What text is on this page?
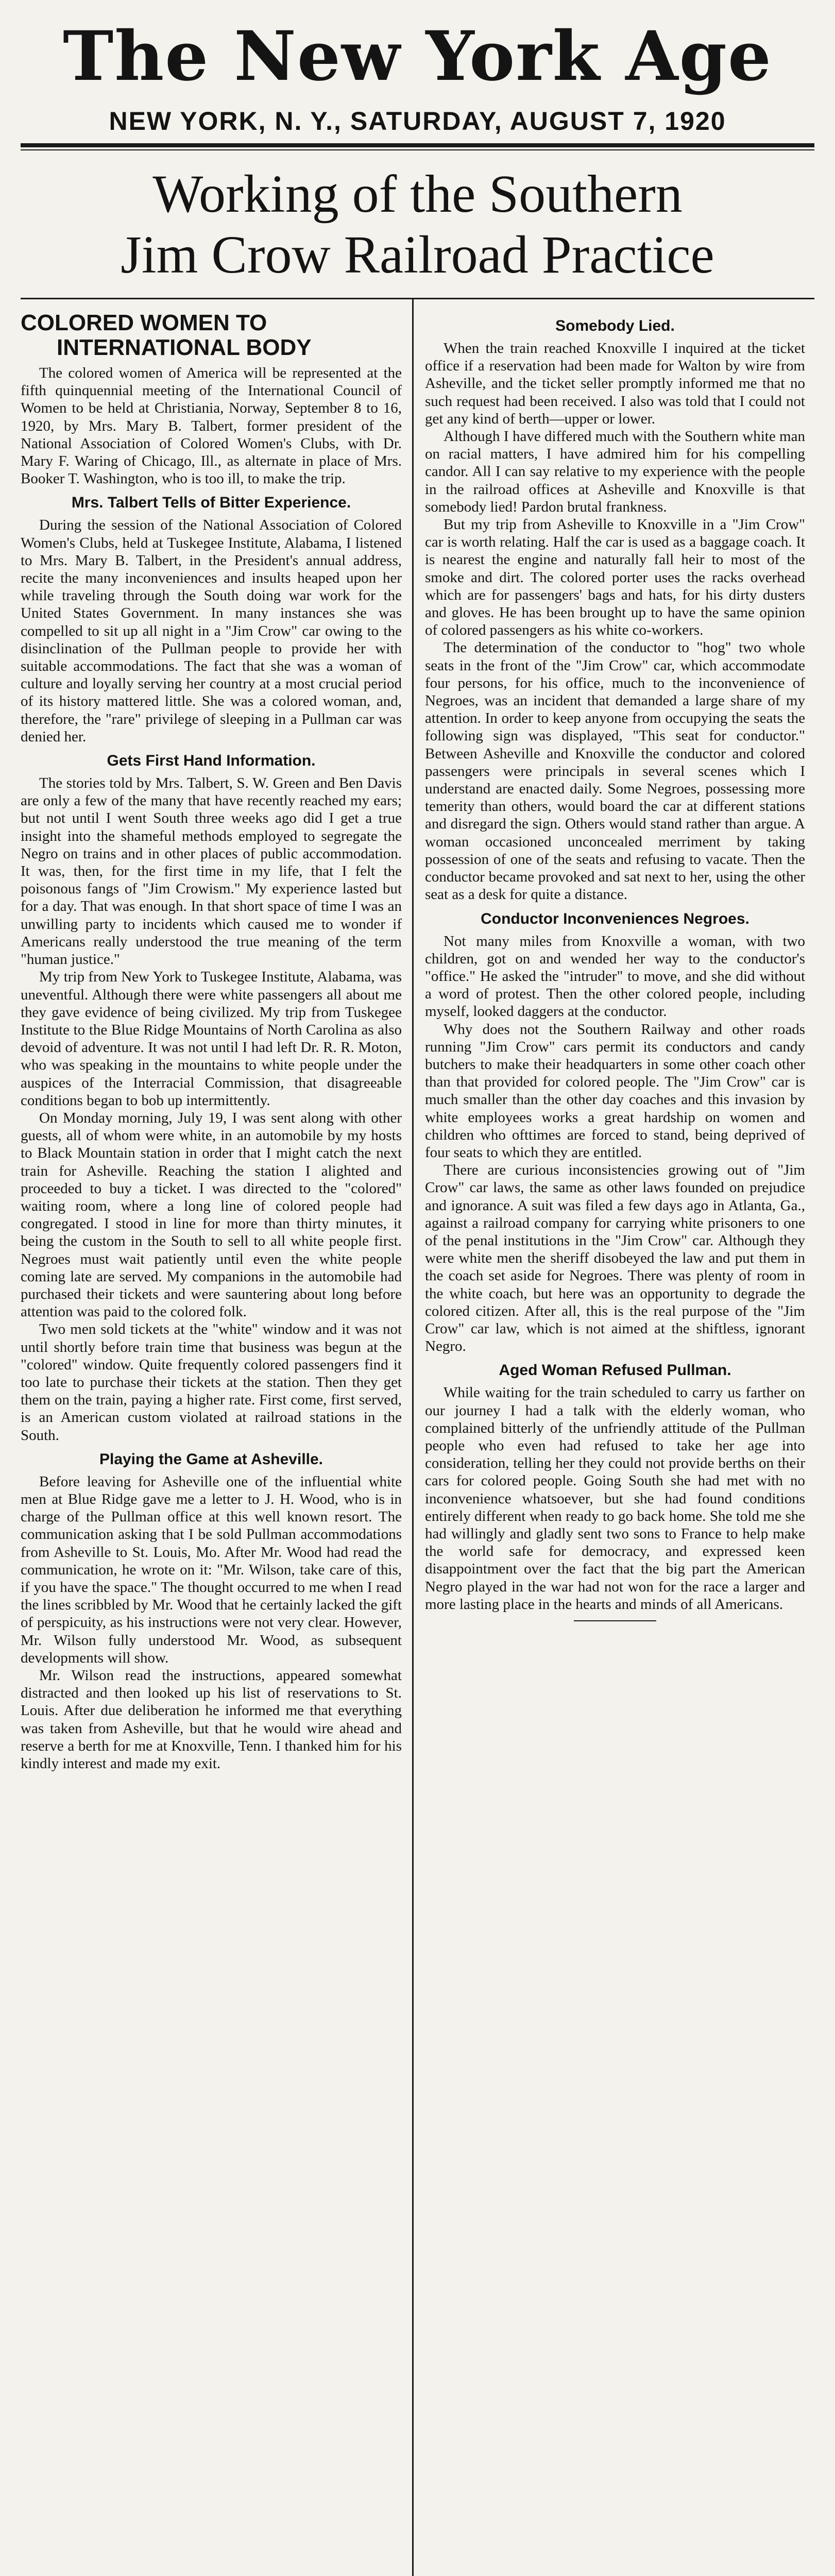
The New York Age
NEW YORK, N. Y., SATURDAY, AUGUST 7, 1920
Working of the Southern
Jim Crow Railroad Practice
COLORED WOMEN TO
INTERNATIONAL BODY

The colored women of America will be represented at the fifth quinquennial meeting of the International Council of Women to be held at Christiania, Norway, September 8 to 16, 1920, by Mrs. Mary B. Talbert, former president of the National Association of Colored Women's Clubs, with Dr. Mary F. Waring of Chicago, Ill., as alternate in place of Mrs. Booker T. Washington, who is too ill, to make the trip.

Mrs. Talbert Tells of Bitter Experience.

During the session of the National Association of Colored Women's Clubs, held at Tuskegee Institute, Alabama, I listened to Mrs. Mary B. Talbert, in the President's annual address, recite the many inconveniences and insults heaped upon her while traveling through the South doing war work for the United States Government. In many instances she was compelled to sit up all night in a "Jim Crow" car owing to the disinclination of the Pullman people to provide her with suitable accommodations. The fact that she was a woman of culture and loyally serving her country at a most crucial period of its history mattered little. She was a colored woman, and, therefore, the "rare" privilege of sleeping in a Pullman car was denied her.

Gets First Hand Information.

The stories told by Mrs. Talbert, S. W. Green and Ben Davis are only a few of the many that have recently reached my ears; but not until I went South three weeks ago did I get a true insight into the shameful methods employed to segregate the Negro on trains and in other places of public accommodation. It was, then, for the first time in my life, that I felt the poisonous fangs of "Jim Crowism." My experience lasted but for a day. That was enough. In that short space of time I was an unwilling party to incidents which caused me to wonder if Americans really understood the true meaning of the term "human justice."

My trip from New York to Tuskegee Institute, Alabama, was uneventful. Although there were white passengers all about me they gave evidence of being civilized. My trip from Tuskegee Institute to the Blue Ridge Mountains of North Carolina as also devoid of adventure. It was not until I had left Dr. R. R. Moton, who was speaking in the mountains to white people under the auspices of the Interracial Commission, that disagreeable conditions began to bob up intermittently.

On Monday morning, July 19, I was sent along with other guests, all of whom were white, in an automobile by my hosts to Black Mountain station in order that I might catch the next train for Asheville. Reaching the station I alighted and proceeded to buy a ticket. I was directed to the "colored" waiting room, where a long line of colored people had congregated. I stood in line for more than thirty minutes, it being the custom in the South to sell to all white people first. Negroes must wait patiently until even the white people coming late are served. My companions in the automobile had purchased their tickets and were sauntering about long before attention was paid to the colored folk.

Two men sold tickets at the "white" window and it was not until shortly before train time that business was begun at the "colored" window. Quite frequently colored passengers find it too late to purchase their tickets at the station. Then they get them on the train, paying a higher rate. First come, first served, is an American custom violated at railroad stations in the South.

Playing the Game at Asheville.

Before leaving for Asheville one of the influential white men at Blue Ridge gave me a letter to J. H. Wood, who is in charge of the Pullman office at this well known resort. The communication asking that I be sold Pullman accommodations from Asheville to St. Louis, Mo. After Mr. Wood had read the communication, he wrote on it: "Mr. Wilson, take care of this, if you have the space." The thought occurred to me when I read the lines scribbled by Mr. Wood that he certainly lacked the gift of perspicuity, as his instructions were not very clear. However, Mr. Wilson fully understood Mr. Wood, as subsequent developments will show.

Mr. Wilson read the instructions, appeared somewhat distracted and then looked up his list of reservations to St. Louis. After due deliberation he informed me that everything was taken from Asheville, but that he would wire ahead and reserve a berth for me at Knoxville, Tenn. I thanked him for his kindly interest and made my exit.

Somebody Lied.

When the train reached Knoxville I inquired at the ticket office if a reservation had been made for Walton by wire from Asheville, and the ticket seller promptly informed me that no such request had been received. I also was told that I could not get any kind of berth—upper or lower.

Although I have differed much with the Southern white man on racial matters, I have admired him for his compelling candor. All I can say relative to my experience with the people in the railroad offices at Asheville and Knoxville is that somebody lied! Pardon brutal frankness.

But my trip from Asheville to Knoxville in a "Jim Crow" car is worth relating. Half the car is used as a baggage coach. It is nearest the engine and naturally fall heir to most of the smoke and dirt. The colored porter uses the racks overhead which are for passengers' bags and hats, for his dirty dusters and gloves. He has been brought up to have the same opinion of colored passengers as his white co-workers.

The determination of the conductor to "hog" two whole seats in the front of the "Jim Crow" car, which accommodate four persons, for his office, much to the inconvenience of Negroes, was an incident that demanded a large share of my attention. In order to keep anyone from occupying the seats the following sign was displayed, "This seat for conductor." Between Asheville and Knoxville the conductor and colored passengers were principals in several scenes which I understand are enacted daily. Some Negroes, possessing more temerity than others, would board the car at different stations and disregard the sign. Others would stand rather than argue. A woman occasioned unconcealed merriment by taking possession of one of the seats and refusing to vacate. Then the conductor became provoked and sat next to her, using the other seat as a desk for quite a distance.

Conductor Inconveniences Negroes.

Not many miles from Knoxville a woman, with two children, got on and wended her way to the conductor's "office." He asked the "intruder" to move, and she did without a word of protest. Then the other colored people, including myself, looked daggers at the conductor.

Why does not the Southern Railway and other roads running "Jim Crow" cars permit its conductors and candy butchers to make their headquarters in some other coach other than that provided for colored people. The "Jim Crow" car is much smaller than the other day coaches and this invasion by white employees works a great hardship on women and children who ofttimes are forced to stand, being deprived of four seats to which they are entitled.

There are curious inconsistencies growing out of "Jim Crow" car laws, the same as other laws founded on prejudice and ignorance. A suit was filed a few days ago in Atlanta, Ga., against a railroad company for carrying white prisoners to one of the penal institutions in the "Jim Crow" car. Although they were white men the sheriff disobeyed the law and put them in the coach set aside for Negroes. There was plenty of room in the white coach, but here was an opportunity to degrade the colored citizen. After all, this is the real purpose of the "Jim Crow" car law, which is not aimed at the shiftless, ignorant Negro.

Aged Woman Refused Pullman.

While waiting for the train scheduled to carry us farther on our journey I had a talk with the elderly woman, who complained bitterly of the unfriendly attitude of the Pullman people who even had refused to take her age into consideration, telling her they could not provide berths on their cars for colored people. Going South she had met with no inconvenience whatsoever, but she had found conditions entirely different when ready to go back home. She told me she had willingly and gladly sent two sons to France to help make the world safe for democracy, and expressed keen disappointment over the fact that the big part the American Negro played in the war had not won for the race a larger and more lasting place in the hearts and minds of all Americans.
